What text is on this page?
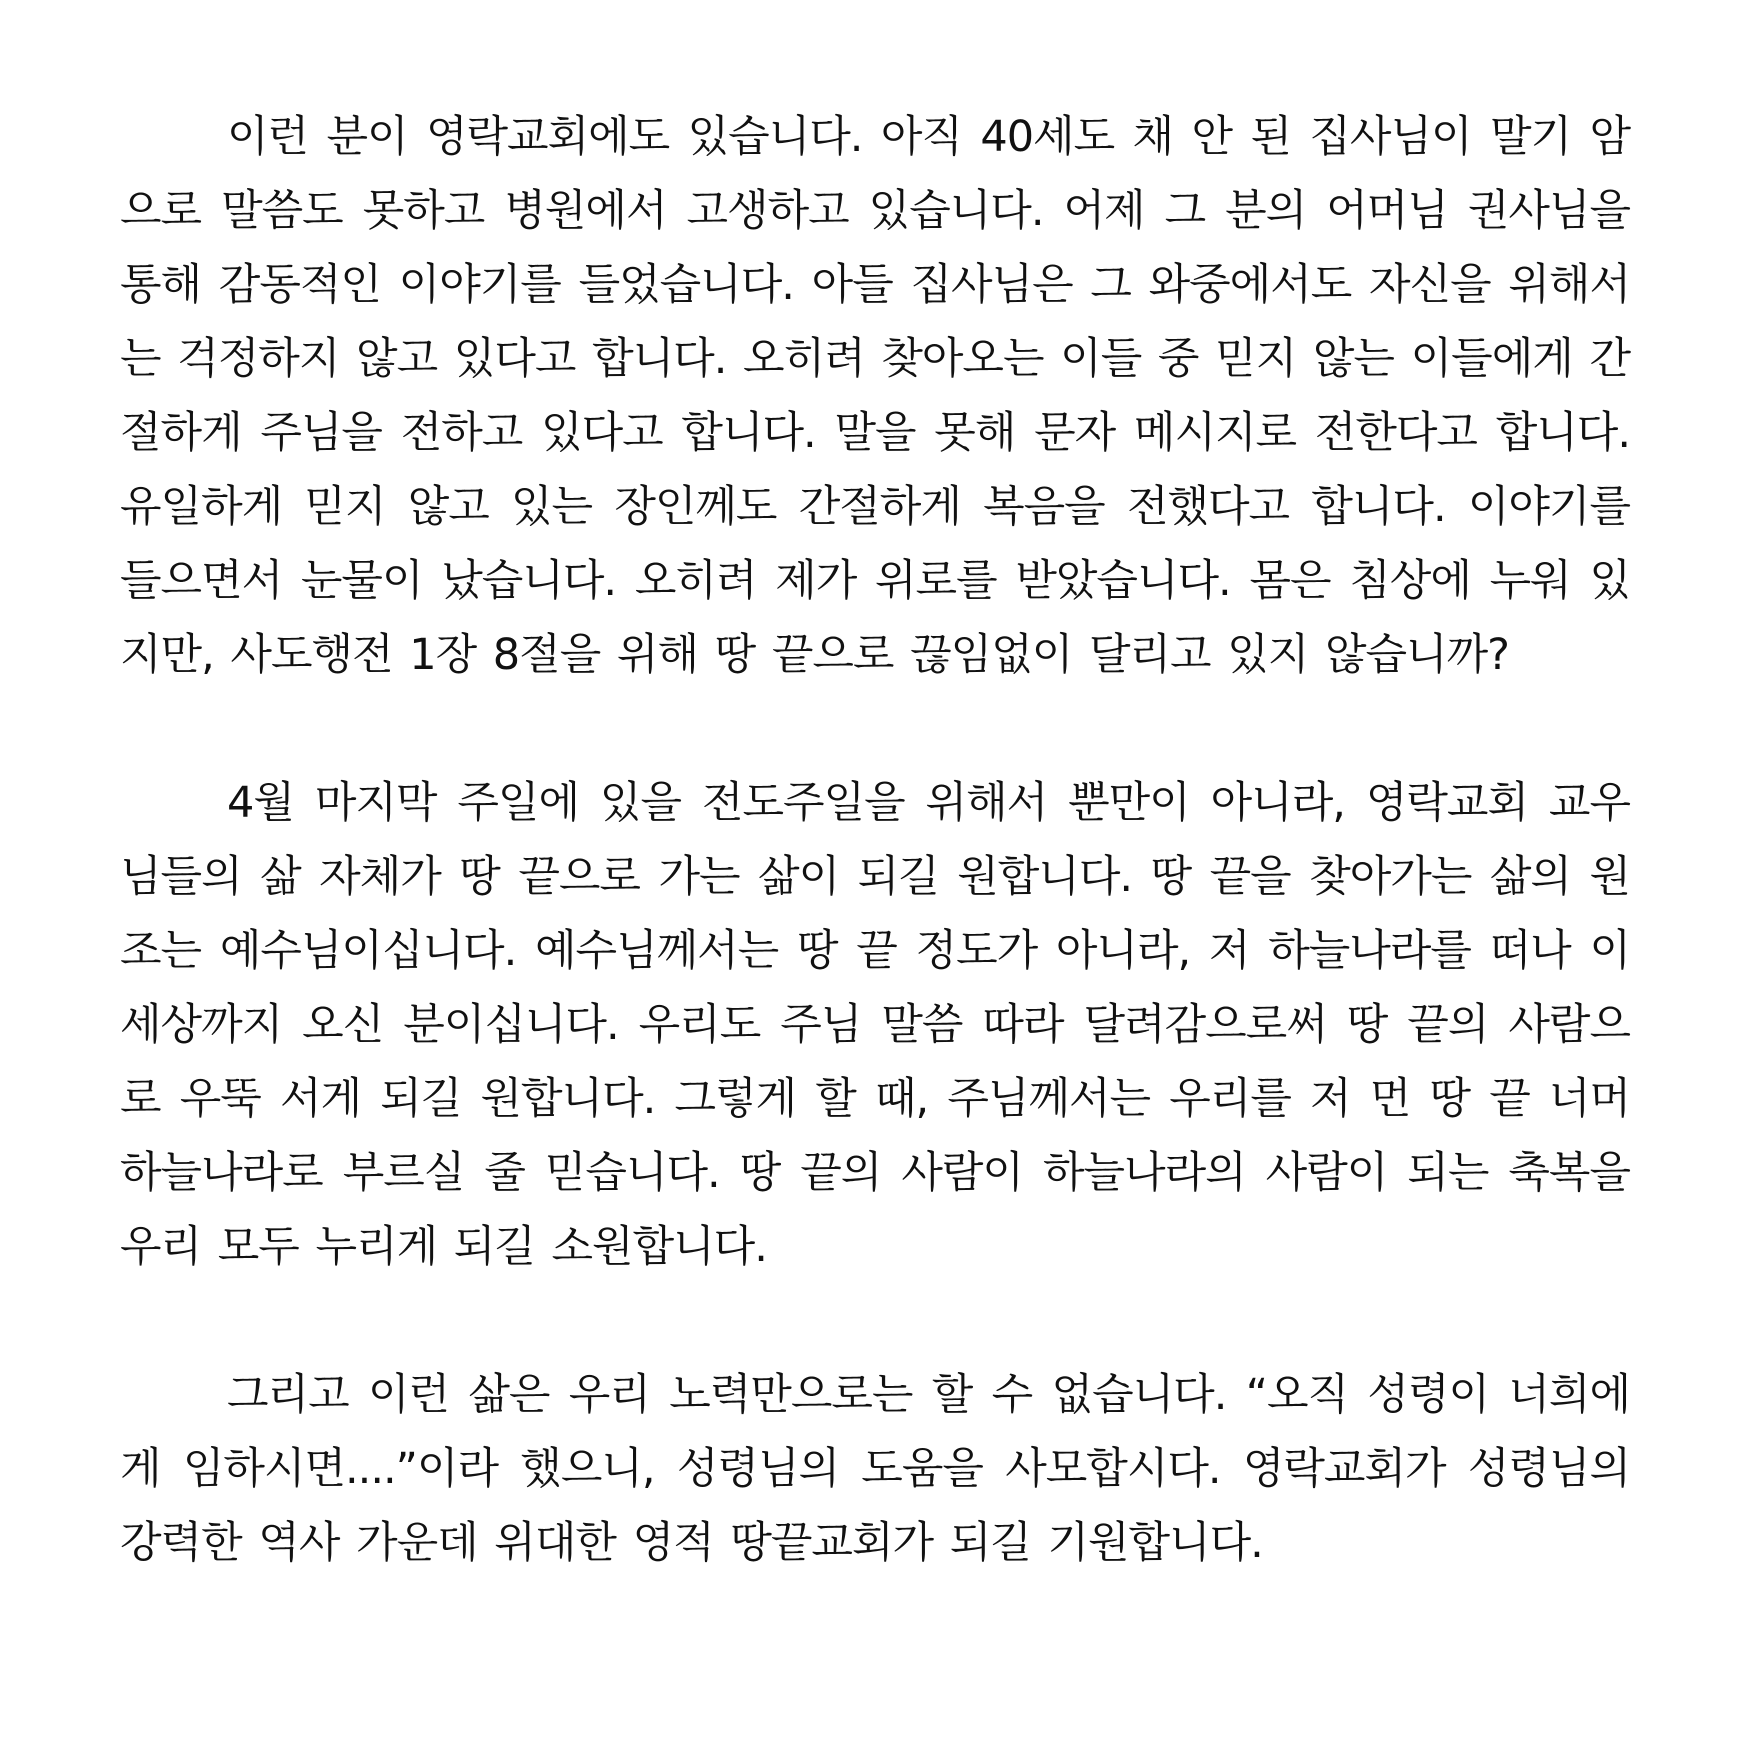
이런 분이 영락교회에도 있습니다. 아직 40세도 채 안 된 집사님이 말기 암으로 말씀도 못하고 병원에서 고생하고 있습니다. 어제 그 분의 어머님 권사님을 통해 감동적인 이야기를 들었습니다. 아들 집사님은 그 와중에서도 자신을 위해서는 걱정하지 않고 있다고 합니다. 오히려 찾아오는 이들 중 믿지 않는 이들에게 간절하게 주님을 전하고 있다고 합니다. 말을 못해 문자 메시지로 전한다고 합니다. 유일하게 믿지 않고 있는 장인께도 간절하게 복음을 전했다고 합니다. 이야기를 들으면서 눈물이 났습니다. 오히려 제가 위로를 받았습니다. 몸은 침상에 누워 있지만, 사도행전 1장 8절을 위해 땅 끝으로 끊임없이 달리고 있지 않습니까?

4월 마지막 주일에 있을 전도주일을 위해서 뿐만이 아니라, 영락교회 교우님들의 삶 자체가 땅 끝으로 가는 삶이 되길 원합니다. 땅 끝을 찾아가는 삶의 원조는 예수님이십니다. 예수님께서는 땅 끝 정도가 아니라, 저 하늘나라를 떠나 이 세상까지 오신 분이십니다. 우리도 주님 말씀 따라 달려감으로써 땅 끝의 사람으로 우뚝 서게 되길 원합니다. 그렇게 할 때, 주님께서는 우리를 저 먼 땅 끝 너머 하늘나라로 부르실 줄 믿습니다. 땅 끝의 사람이 하늘나라의 사람이 되는 축복을 우리 모두 누리게 되길 소원합니다.

그리고 이런 삶은 우리 노력만으로는 할 수 없습니다. “오직 성령이 너희에게 임하시면....”이라 했으니, 성령님의 도움을 사모합시다. 영락교회가 성령님의 강력한 역사 가운데 위대한 영적 땅끝교회가 되길 기원합니다.
